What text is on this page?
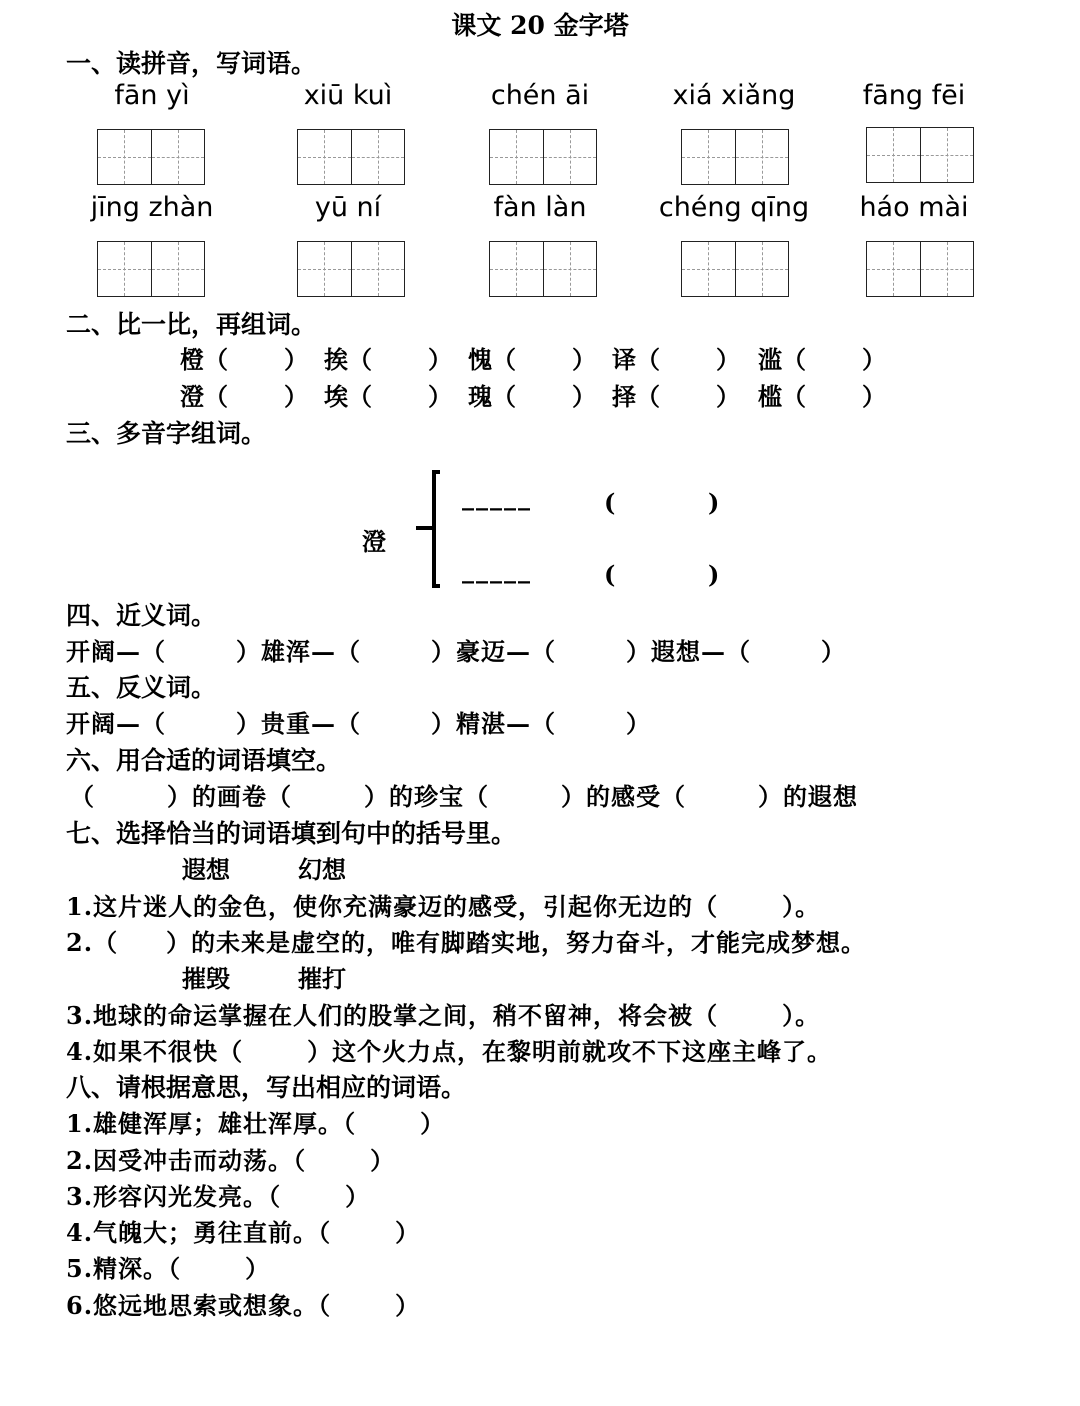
课文 20 金字塔
一、读拼音，写词语。
fān yì	xiū kuì	chén āi	xiá xiǎng	fāng fēi
jīng zhàn	yū ní	fàn làn	chéng qīng	háo mài
二、比一比，再组词。
橙（ ） 挨（ ） 愧（ ） 译（ ） 滥（ ）
澄（ ） 埃（ ） 瑰（ ） 择（ ） 槛（ ）
三、多音字组词。
澄
_____	(	)
_____	(	)
四、近义词。
开阔—（	）雄浑—（	）豪迈—（	）遐想—（	）
五、反义词。
开阔—（	）贵重—（	）精湛—（	）
六、用合适的词语填空。
（	）的画卷（	）的珍宝（	）的感受（	）的遐想
七、选择恰当的词语填到句中的括号里。
遐想	幻想
1.这片迷人的金色，使你充满豪迈的感受，引起你无边的（	）。
2.（ ）的未来是虚空的，唯有脚踏实地，努力奋斗，才能完成梦想。
摧毁	摧打
3.地球的命运掌握在人们的股掌之间，稍不留神，将会被（	）。
4.如果不很快（	）这个火力点，在黎明前就攻不下这座主峰了。
八、请根据意思，写出相应的词语。
1.雄健浑厚；雄壮浑厚。（	）
2.因受冲击而动荡。（	）
3.形容闪光发亮。（	）
4.气魄大；勇往直前。（	）
5.精深。（	）
6.悠远地思索或想象。（	）
